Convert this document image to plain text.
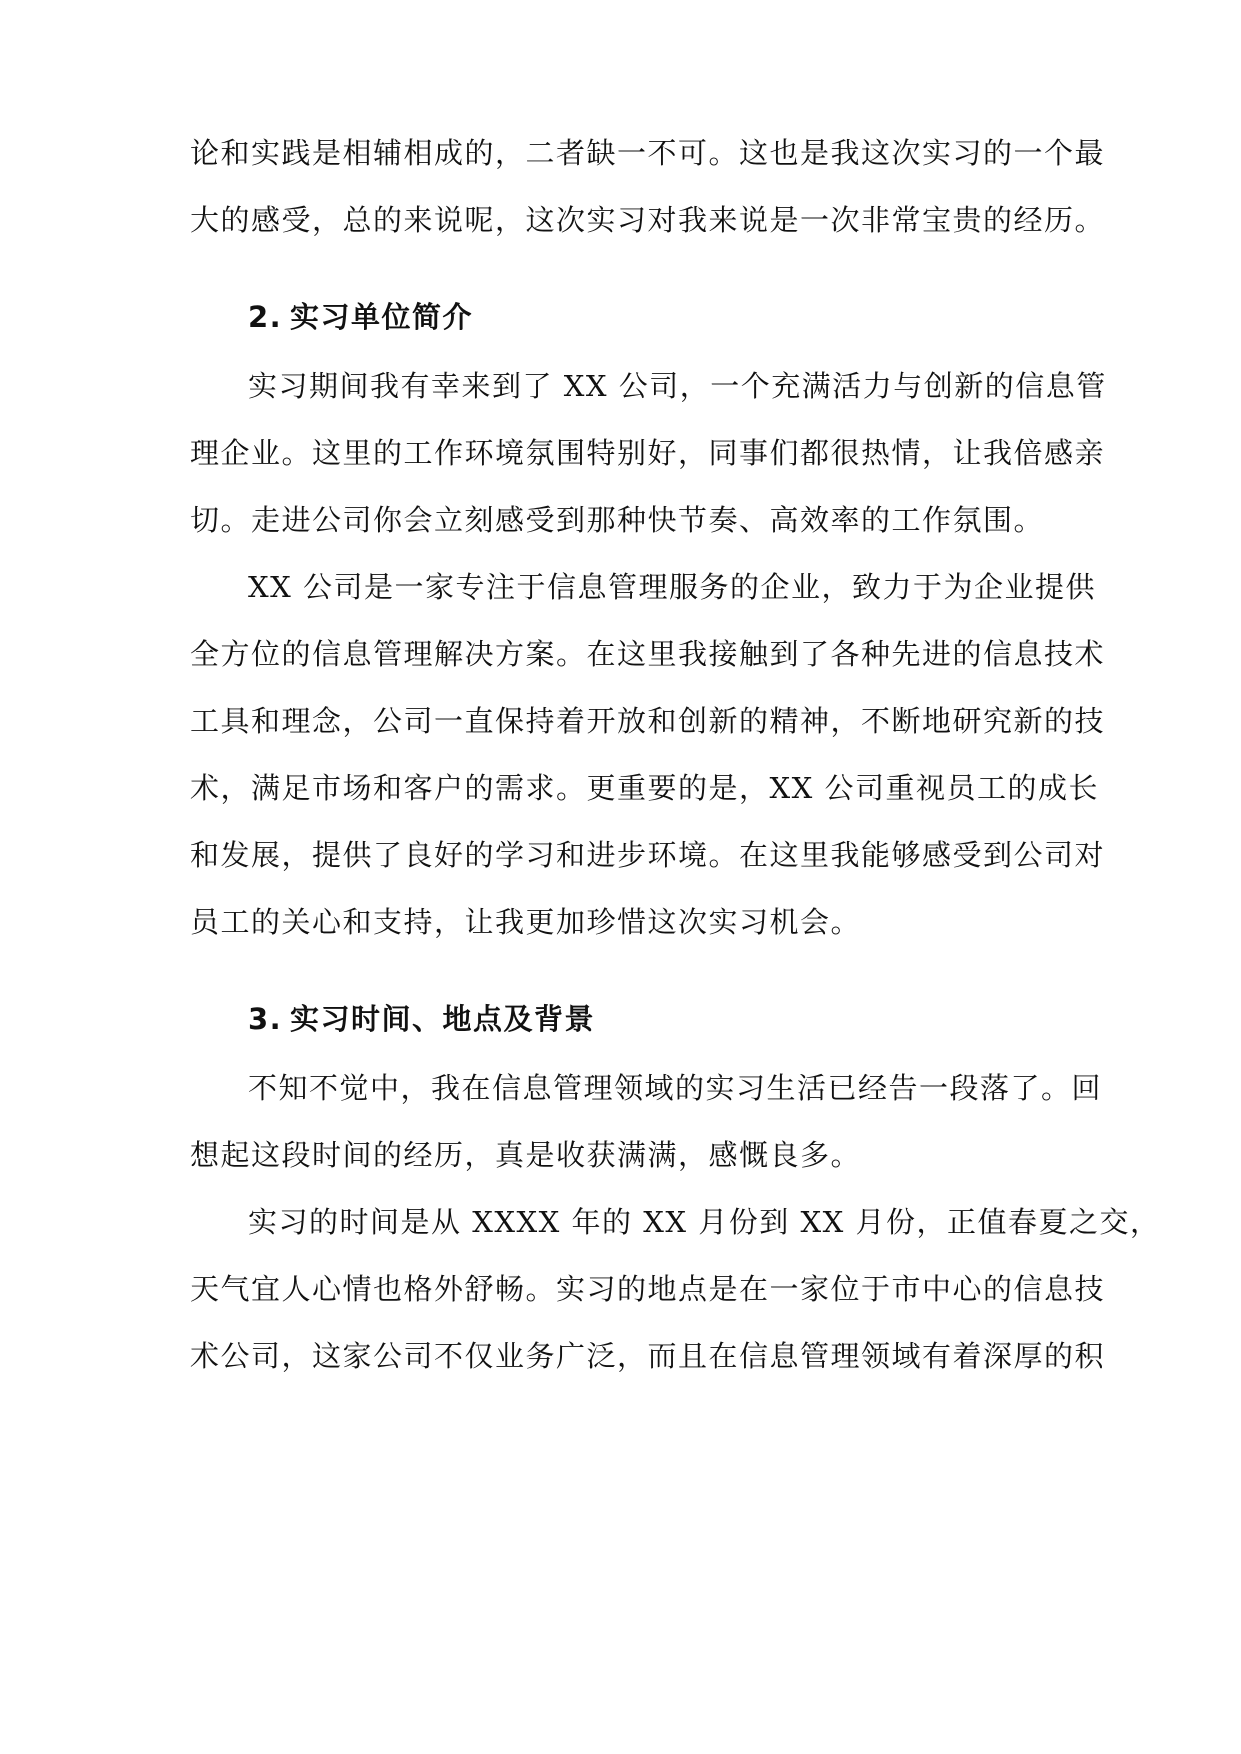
论和实践是相辅相成的，二者缺一不可。这也是我这次实习的一个最
大的感受，总的来说呢，这次实习对我来说是一次非常宝贵的经历。
2. 实习单位简介
实习期间我有幸来到了 XX 公司，一个充满活力与创新的信息管
理企业。这里的工作环境氛围特别好，同事们都很热情，让我倍感亲
切。走进公司你会立刻感受到那种快节奏、高效率的工作氛围。
XX 公司是一家专注于信息管理服务的企业，致力于为企业提供
全方位的信息管理解决方案。在这里我接触到了各种先进的信息技术
工具和理念，公司一直保持着开放和创新的精神，不断地研究新的技
术，满足市场和客户的需求。更重要的是，XX 公司重视员工的成长
和发展，提供了良好的学习和进步环境。在这里我能够感受到公司对
员工的关心和支持，让我更加珍惜这次实习机会。
3. 实习时间、地点及背景
不知不觉中，我在信息管理领域的实习生活已经告一段落了。回
想起这段时间的经历，真是收获满满，感慨良多。
实习的时间是从 XXXX 年的 XX 月份到 XX 月份，正值春夏之交，
天气宜人心情也格外舒畅。实习的地点是在一家位于市中心的信息技
术公司，这家公司不仅业务广泛，而且在信息管理领域有着深厚的积
